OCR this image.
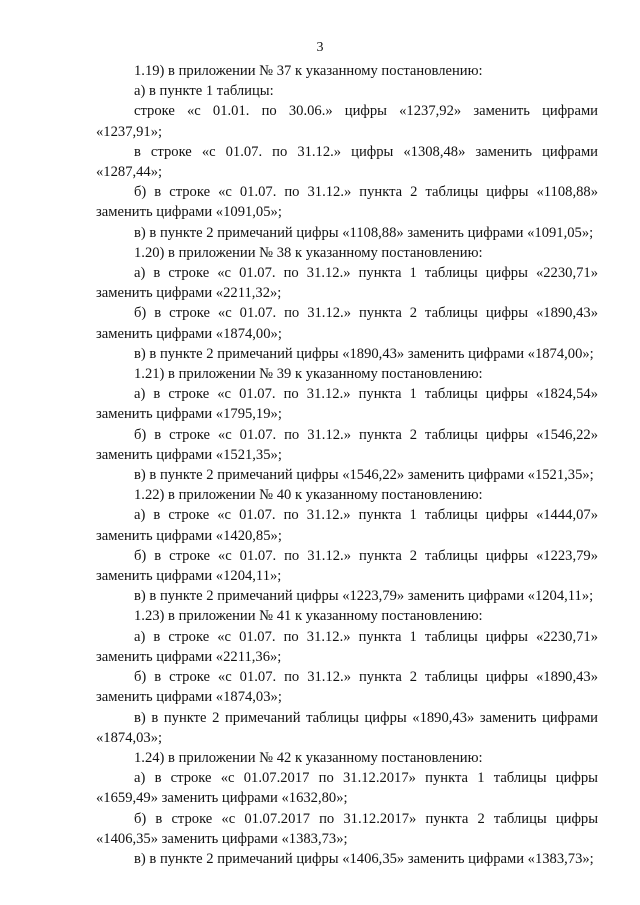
3

1.19) в приложении № 37 к указанному постановлению:

а) в пункте 1 таблицы:

строке «с 01.01. по 30.06.» цифры «1237,92» заменить цифрами «1237,91»;

в строке «с 01.07. по 31.12.» цифры «1308,48» заменить цифрами «1287,44»;

б) в строке «с 01.07. по 31.12.» пункта 2 таблицы цифры «1108,88» заменить цифрами «1091,05»;

в) в пункте 2 примечаний цифры «1108,88» заменить цифрами «1091,05»;

1.20) в приложении № 38 к указанному постановлению:

а) в строке «с 01.07. по 31.12.» пункта 1 таблицы цифры «2230,71» заменить цифрами «2211,32»;

б) в строке «с 01.07. по 31.12.» пункта 2 таблицы цифры «1890,43» заменить цифрами «1874,00»;

в) в пункте 2 примечаний цифры «1890,43» заменить цифрами «1874,00»;

1.21) в приложении № 39 к указанному постановлению:

а) в строке «с 01.07. по 31.12.» пункта 1 таблицы цифры «1824,54» заменить цифрами «1795,19»;

б) в строке «с 01.07. по 31.12.» пункта 2 таблицы цифры «1546,22» заменить цифрами «1521,35»;

в) в пункте 2 примечаний цифры «1546,22» заменить цифрами «1521,35»;

1.22) в приложении № 40 к указанному постановлению:

а) в строке «с 01.07. по 31.12.» пункта 1 таблицы цифры «1444,07» заменить цифрами «1420,85»;

б) в строке «с 01.07. по 31.12.» пункта 2 таблицы цифры «1223,79» заменить цифрами «1204,11»;

в) в пункте 2 примечаний цифры «1223,79» заменить цифрами «1204,11»;

1.23) в приложении № 41 к указанному постановлению:

а) в строке «с 01.07. по 31.12.» пункта 1 таблицы цифры «2230,71» заменить цифрами «2211,36»;

б) в строке «с 01.07. по 31.12.» пункта 2 таблицы цифры «1890,43» заменить цифрами «1874,03»;

в) в пункте 2 примечаний таблицы цифры «1890,43» заменить цифрами «1874,03»;

1.24) в приложении № 42 к указанному постановлению:

а) в строке «с 01.07.2017 по 31.12.2017» пункта 1 таблицы цифры «1659,49» заменить цифрами «1632,80»;

б) в строке «с 01.07.2017 по 31.12.2017» пункта 2 таблицы цифры «1406,35» заменить цифрами «1383,73»;

в) в пункте 2 примечаний цифры «1406,35» заменить цифрами «1383,73»;
